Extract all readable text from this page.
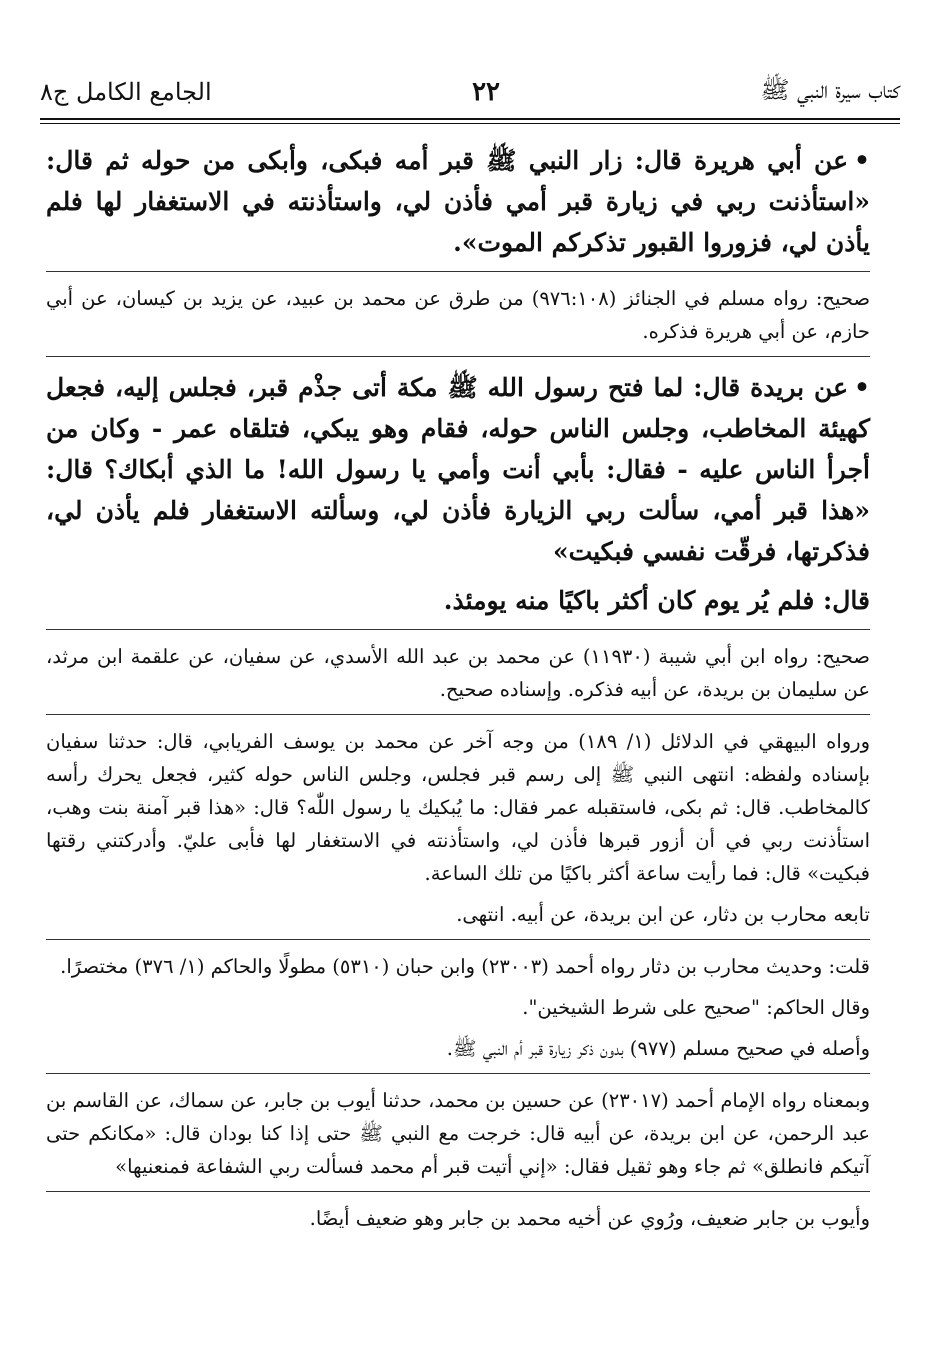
كتاب سيرة النبي ﷺ
٢٢
الجامع الكامل ج٨

•عن أبي هريرة قال: زار النبي ﷺ قبر أمه فبكى، وأبكى من حوله ثم قال: «استأذنت ربي في زيارة قبر أمي فأذن لي، واستأذنته في الاستغفار لها فلم يأذن لي، فزوروا القبور تذكركم الموت».

صحيح: رواه مسلم في الجنائز (٩٧٦:١٠٨) من طرق عن محمد بن عبيد، عن يزيد بن كيسان، عن أبي حازم، عن أبي هريرة فذكره.

•عن بريدة قال: لما فتح رسول الله ﷺ مكة أتى جذْم قبر، فجلس إليه، فجعل كهيئة المخاطب، وجلس الناس حوله، فقام وهو يبكي، فتلقاه عمر - وكان من أجرأ الناس عليه - فقال: بأبي أنت وأمي يا رسول الله! ما الذي أبكاك؟ قال: «هذا قبر أمي، سألت ربي الزيارة فأذن لي، وسألته الاستغفار فلم يأذن لي، فذكرتها، فرقّت نفسي فبكيت»

قال: فلم يُر يوم كان أكثر باكيًا منه يومئذ.

صحيح: رواه ابن أبي شيبة (١١٩٣٠) عن محمد بن عبد الله الأسدي، عن سفيان، عن علقمة ابن مرثد، عن سليمان بن بريدة، عن أبيه فذكره. وإسناده صحيح.

ورواه البيهقي في الدلائل (١/ ١٨٩) من وجه آخر عن محمد بن يوسف الفريابي، قال: حدثنا سفيان بإسناده ولفظه: انتهى النبي ﷺ إلى رسم قبر فجلس، وجلس الناس حوله كثير، فجعل يحرك رأسه كالمخاطب. قال: ثم بكى، فاستقبله عمر فقال: ما يُبكيك يا رسول اللّٰه؟ قال: «هذا قبر آمنة بنت وهب، استأذنت ربي في أن أزور قبرها فأذن لي، واستأذنته في الاستغفار لها فأبى عليّ. وأدركتني رقتها فبكيت» قال: فما رأيت ساعة أكثر باكيًا من تلك الساعة.

تابعه محارب بن دثار، عن ابن بريدة، عن أبيه. انتهى.

قلت: وحديث محارب بن دثار رواه أحمد (٢٣٠٠٣) وابن حبان (٥٣١٠) مطولًا والحاكم (١/ ٣٧٦) مختصرًا.

وقال الحاكم: "صحيح على شرط الشيخين".

وأصله في صحيح مسلم (٩٧٧) بدون ذكر زيارة قبر أم النبي ﷺ.

وبمعناه رواه الإمام أحمد (٢٣٠١٧) عن حسين بن محمد، حدثنا أيوب بن جابر، عن سماك، عن القاسم بن عبد الرحمن، عن ابن بريدة، عن أبيه قال: خرجت مع النبي ﷺ حتى إذا كنا بودان قال: «مكانكم حتى آتيكم فانطلق» ثم جاء وهو ثقيل فقال: «إني أتيت قبر أم محمد فسألت ربي الشفاعة فمنعنيها»

وأيوب بن جابر ضعيف، ورُوي عن أخيه محمد بن جابر وهو ضعيف أيضًا.
